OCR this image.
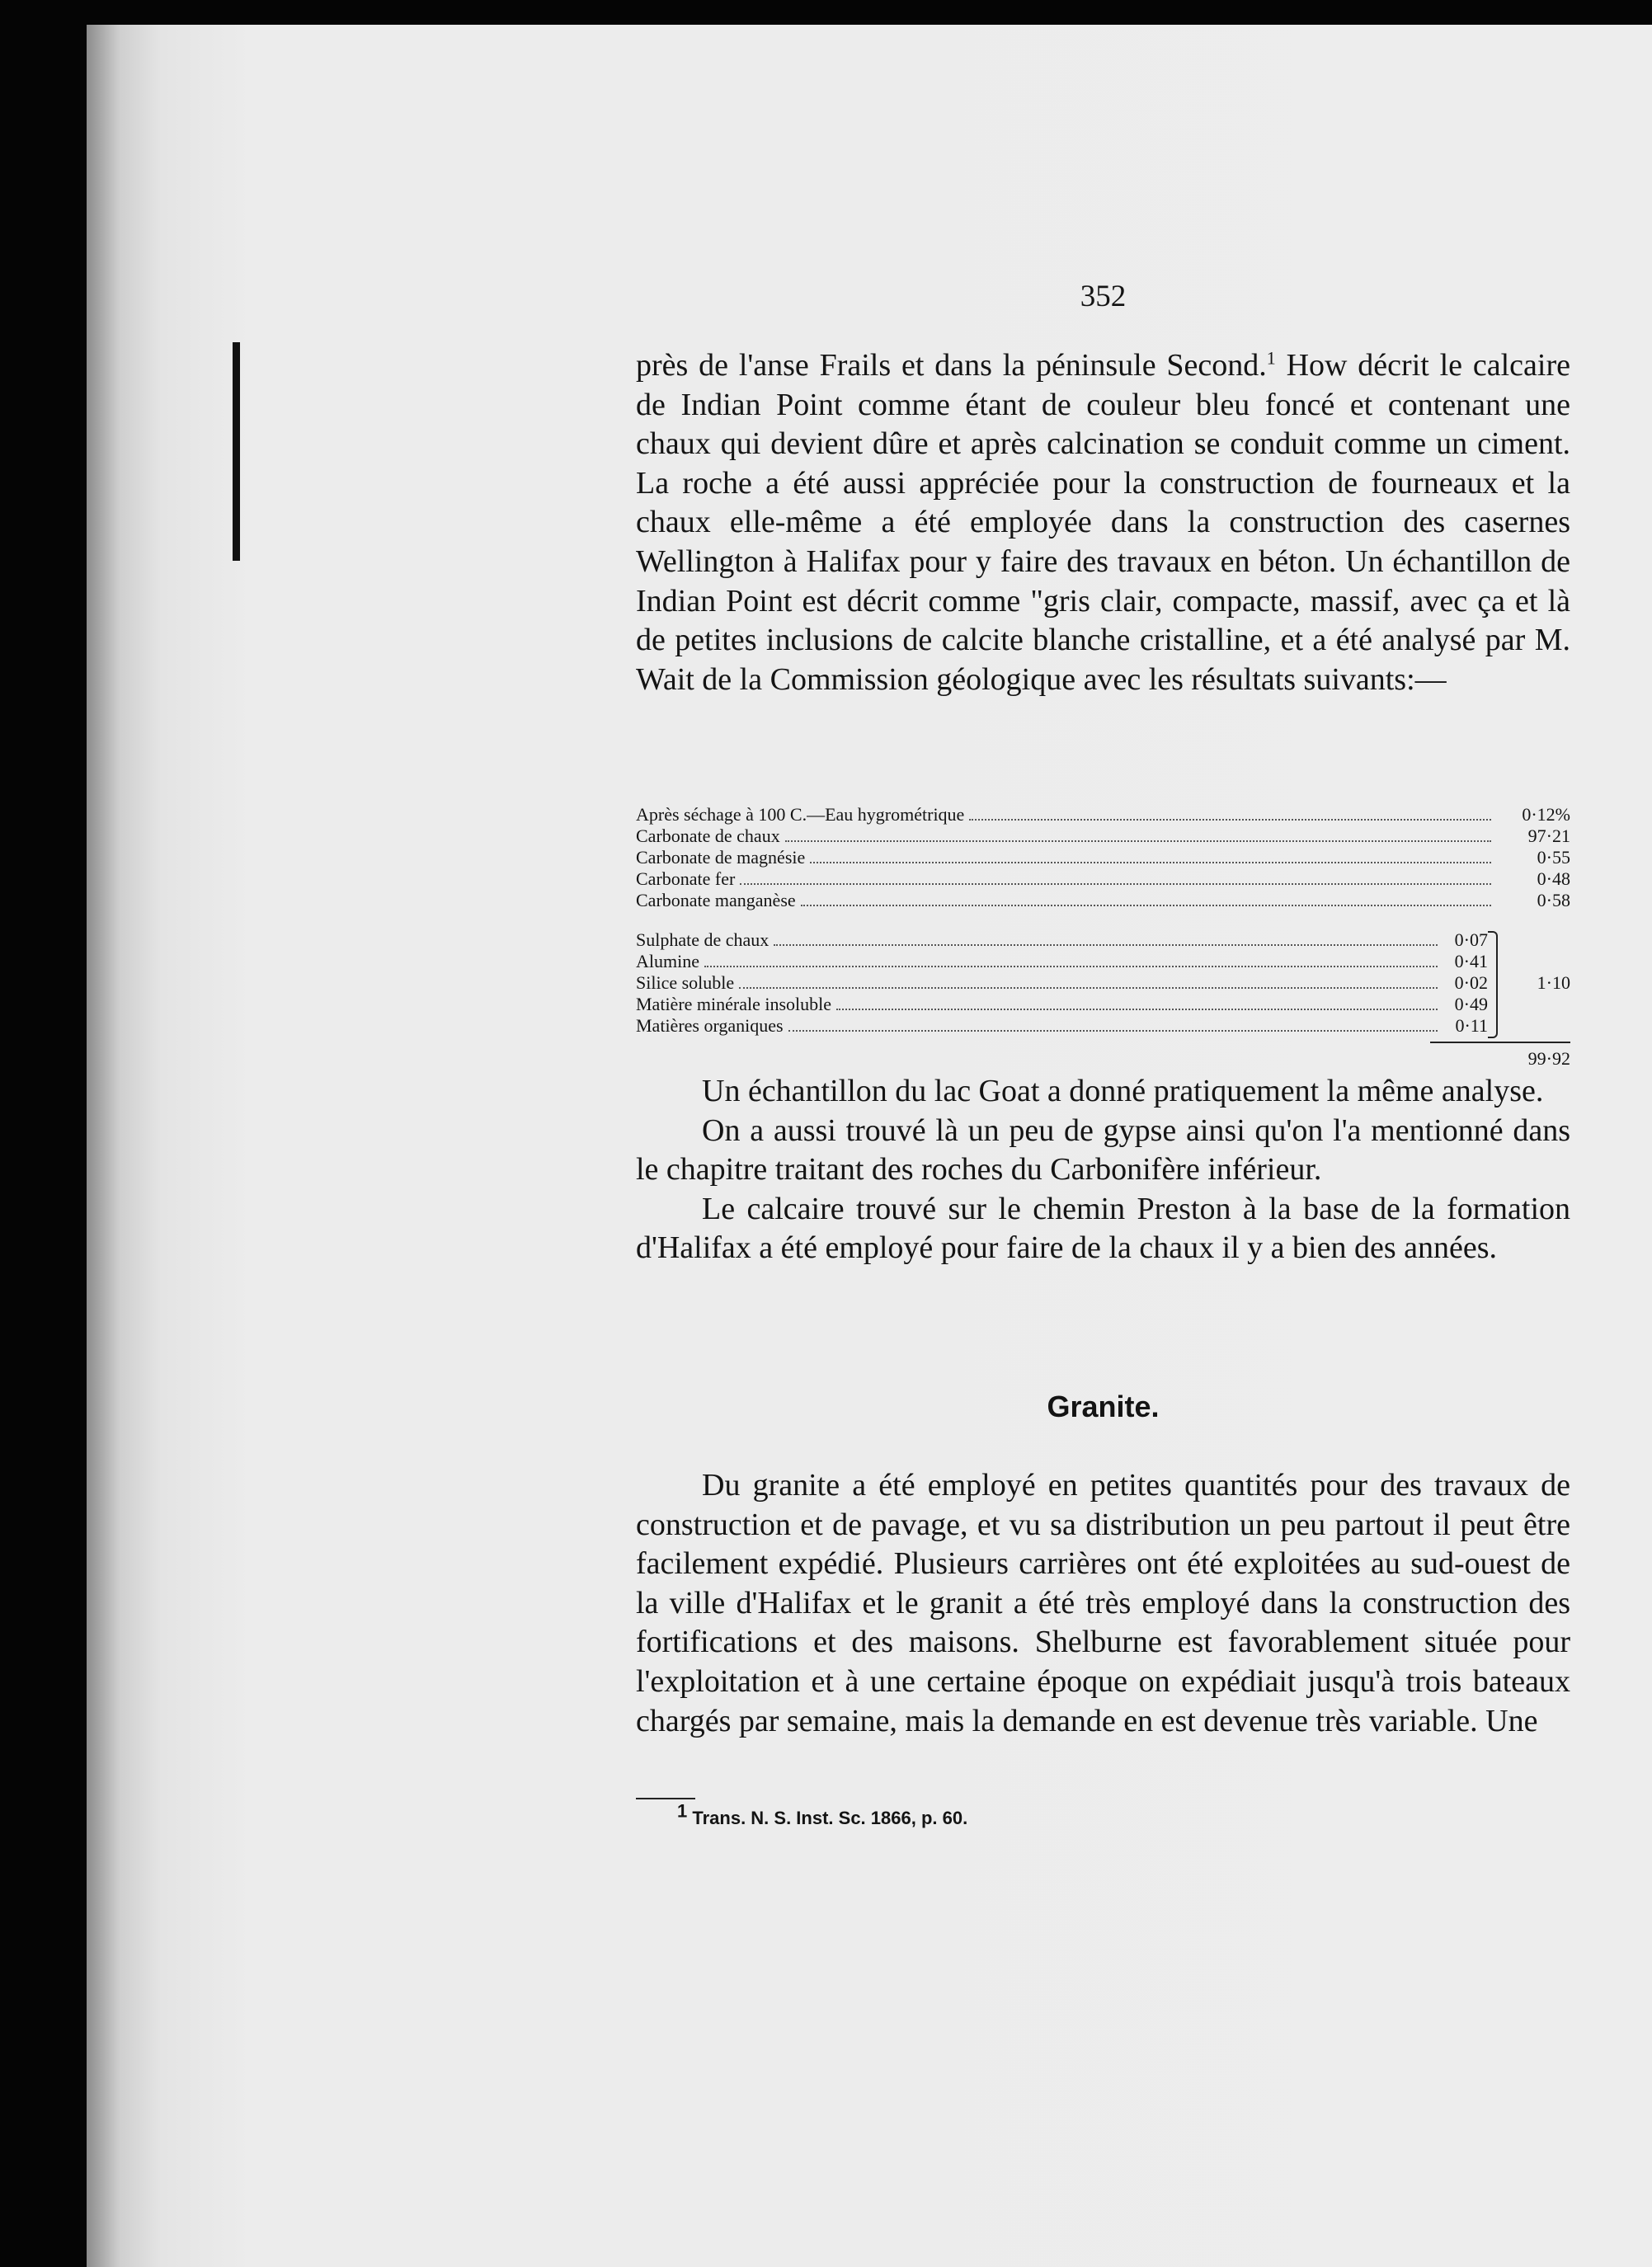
352

près de l'anse Frails et dans la péninsule Second.$^1$ How décrit le calcaire de Indian Point comme étant de couleur bleu foncé et contenant une chaux qui devient dûre et après calcination se conduit comme un ciment. La roche a été aussi appréciée pour la construction de fourneaux et la chaux elle-même a été employée dans la construction des casernes Wellington à Halifax pour y faire des travaux en béton. Un échantillon de Indian Point est décrit comme "gris clair, compacte, massif, avec ça et là de petites inclusions de calcite blanche cristalline, et a été analysé par M. Wait de la Commission géologique avec les résultats suivants:—

Après séchage à 100 C.—Eau hygrométrique	0·12%
Carbonate de chaux	97·21
Carbonate de magnésie	0·55
Carbonate fer	0·48
Carbonate manganèse	0·58
Sulphate de chaux	0·07
Alumine	0·41
Silice soluble	0·02
Matière minérale insoluble	0·49
Matières organiques	0·11
1·10
99·92

Un échantillon du lac Goat a donné pratiquement la même analyse.

On a aussi trouvé là un peu de gypse ainsi qu'on l'a mentionné dans le chapitre traitant des roches du Carbonifère inférieur.

Le calcaire trouvé sur le chemin Preston à la base de la formation d'Halifax a été employé pour faire de la chaux il y a bien des années.

Granite.

Du granite a été employé en petites quantités pour des travaux de construction et de pavage, et vu sa distribution un peu partout il peut être facilement expédié. Plusieurs carrières ont été exploitées au sud-ouest de la ville d'Halifax et le granit a été très employé dans la construction des fortifications et des maisons. Shelburne est favorablement située pour l'exploitation et à une certaine époque on expédiait jusqu'à trois bateaux chargés par semaine, mais la demande en est devenue très variable. Une

1 Trans. N. S. Inst. Sc. 1866, p. 60.
